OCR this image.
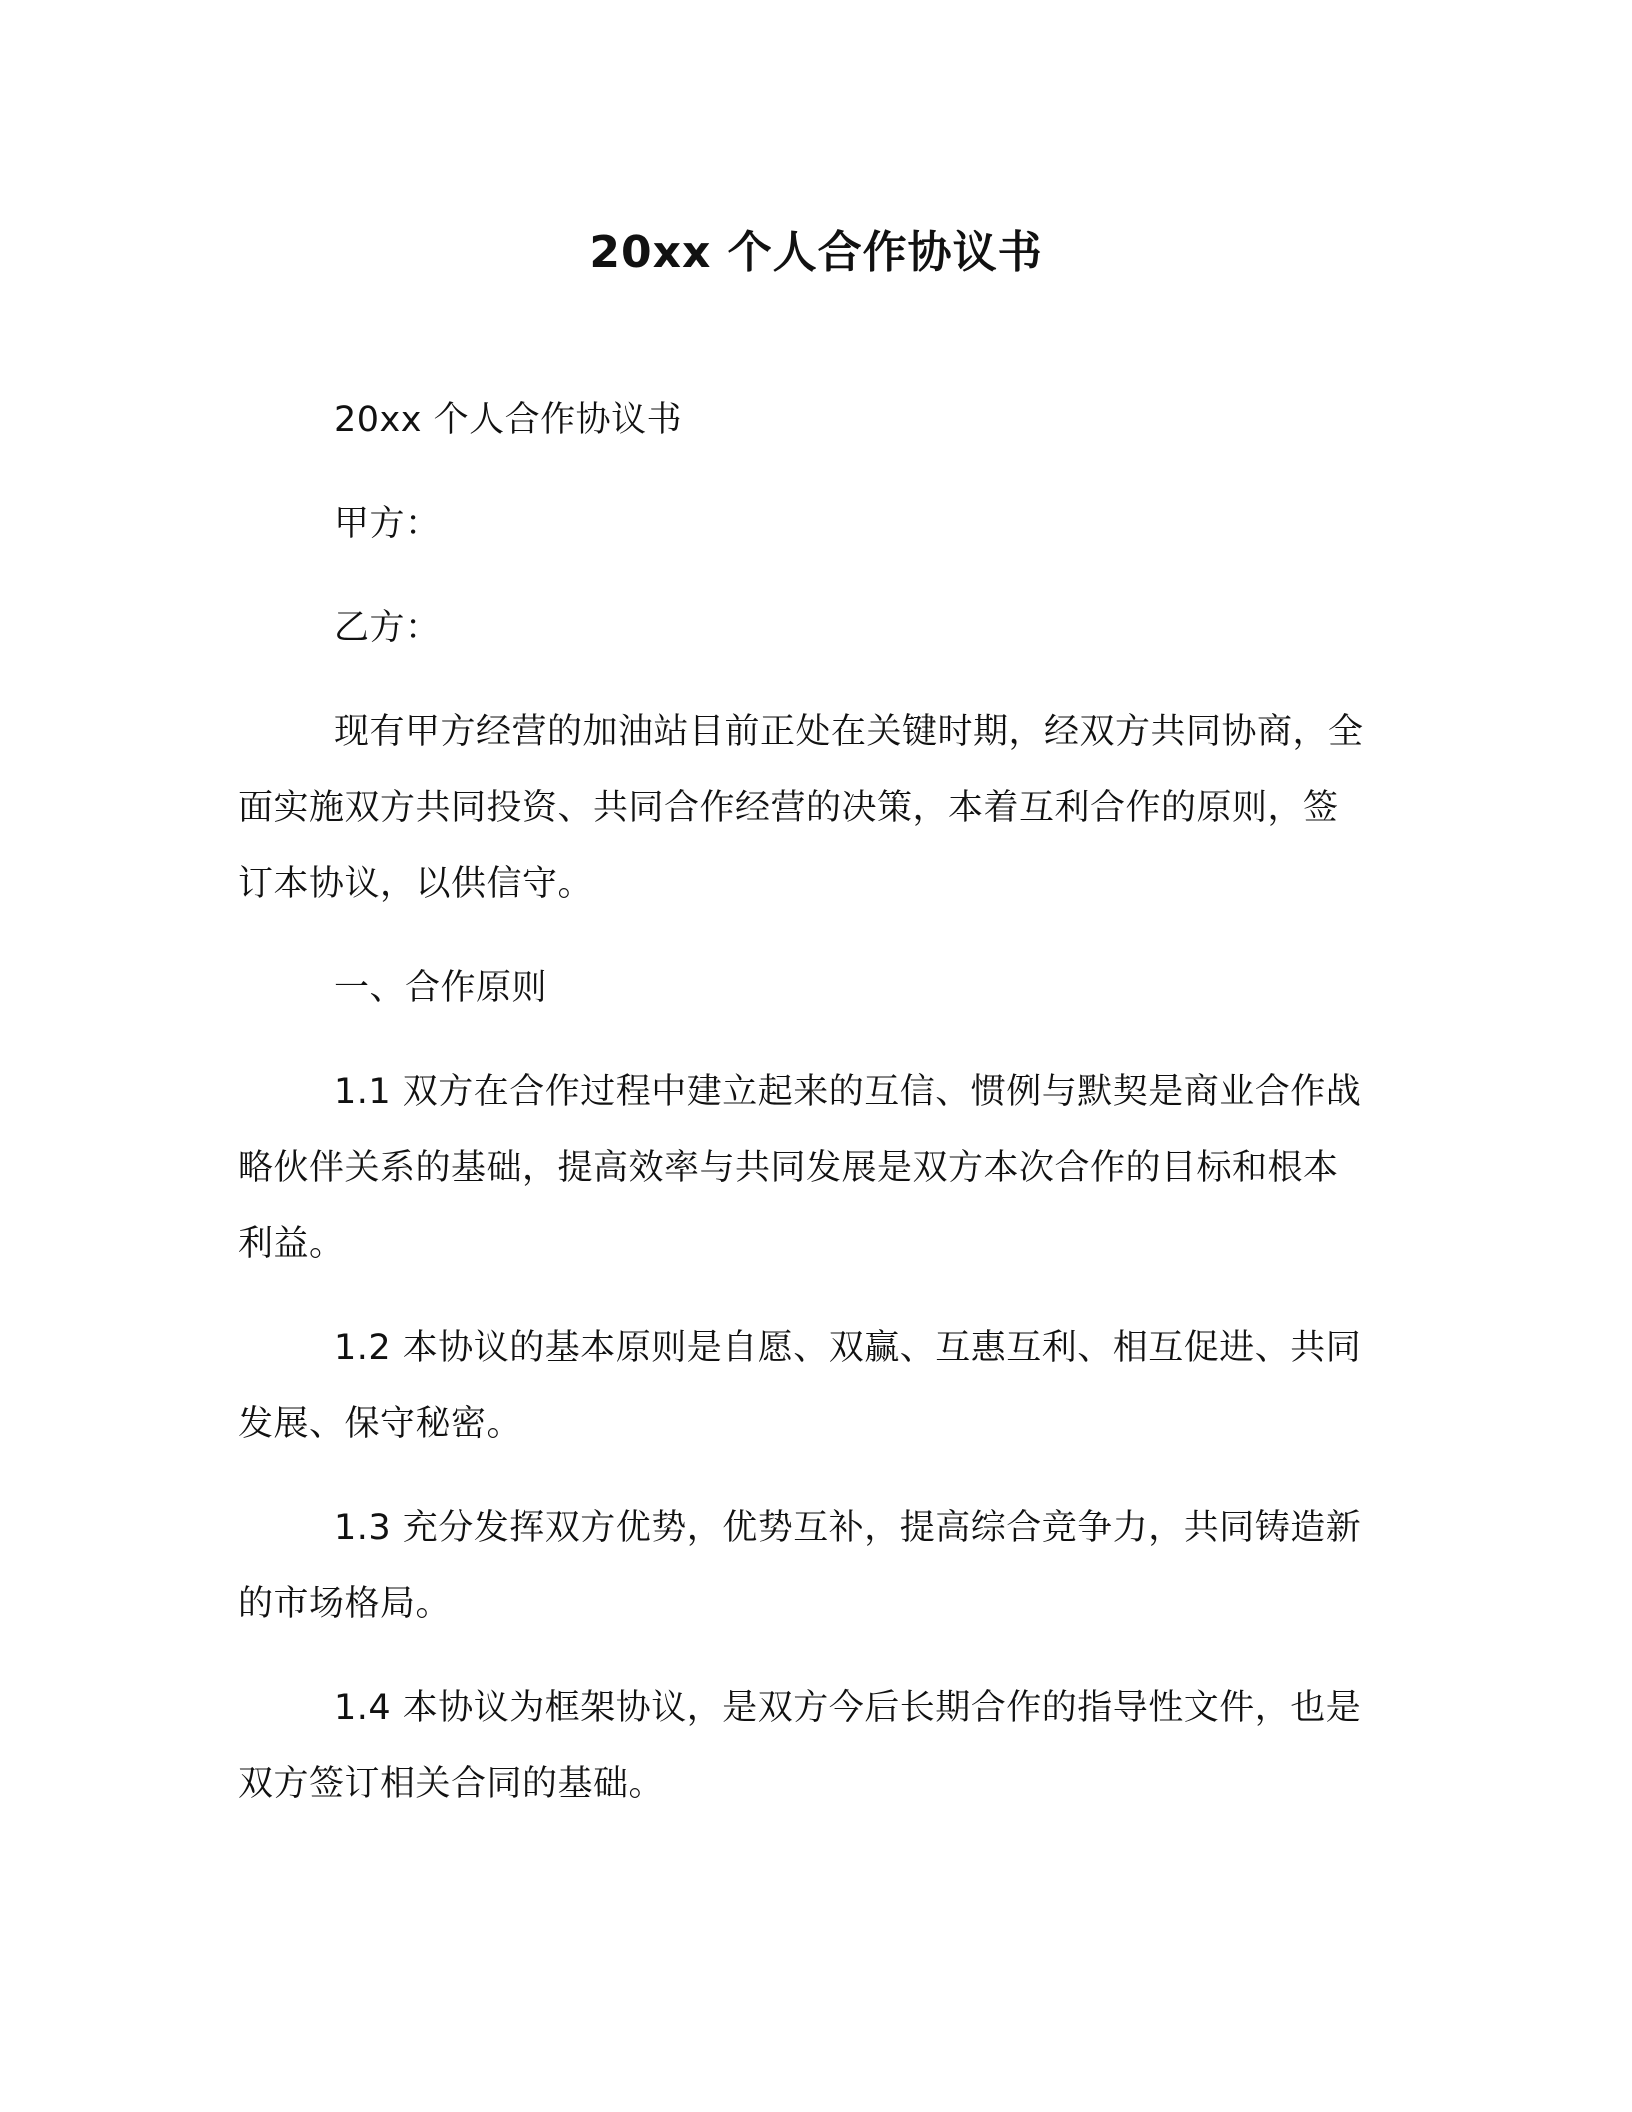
20xx 个人合作协议书

20xx 个人合作协议书

甲方：

乙方：

现有甲方经营的加油站目前正处在关键时期，经双方共同协商，全面实施双方共同投资、共同合作经营的决策，本着互利合作的原则，签订本协议，以供信守。

一、合作原则

1.1 双方在合作过程中建立起来的互信、惯例与默契是商业合作战略伙伴关系的基础，提高效率与共同发展是双方本次合作的目标和根本利益。

1.2 本协议的基本原则是自愿、双赢、互惠互利、相互促进、共同发展、保守秘密。

1.3 充分发挥双方优势，优势互补，提高综合竞争力，共同铸造新的市场格局。

1.4 本协议为框架协议，是双方今后长期合作的指导性文件，也是双方签订相关合同的基础。
